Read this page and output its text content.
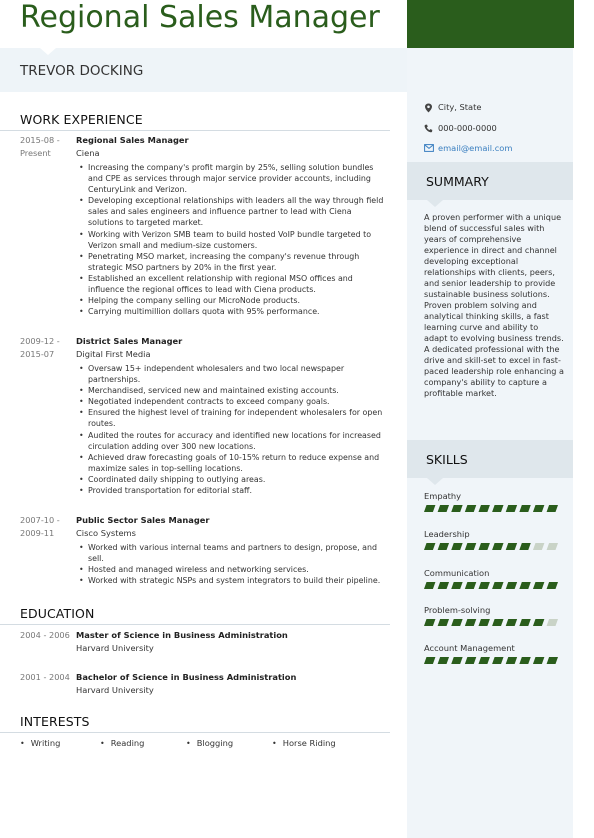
Regional Sales Manager
TREVOR DOCKING
WORK EXPERIENCE
2015-08 - Present
Regional Sales Manager
Ciena
• Increasing the company's profit margin by 25%, selling solution bundles and CPE as services through major service provider accounts, including CenturyLink and Verizon.
• Developing exceptional relationships with leaders all the way through field sales and sales engineers and influence partner to lead with Ciena solutions to targeted market.
• Working with Verizon SMB team to build hosted VoIP bundle targeted to Verizon small and medium-size customers.
• Penetrating MSO market, increasing the company's revenue through strategic MSO partners by 20% in the first year.
• Established an excellent relationship with regional MSO offices and influence the regional offices to lead with Ciena products.
• Helping the company selling our MicroNode products.
• Carrying multimillion dollars quota with 95% performance.
2009-12 - 2015-07
District Sales Manager
Digital First Media
• Oversaw 15+ independent wholesalers and two local newspaper partnerships.
• Merchandised, serviced new and maintained existing accounts.
• Negotiated independent contracts to exceed company goals.
• Ensured the highest level of training for independent wholesalers for open routes.
• Audited the routes for accuracy and identified new locations for increased circulation adding over 300 new locations.
• Achieved draw forecasting goals of 10-15% return to reduce expense and maximize sales in top-selling locations.
• Coordinated daily shipping to outlying areas.
• Provided transportation for editorial staff.
2007-10 - 2009-11
Public Sector Sales Manager
Cisco Systems
• Worked with various internal teams and partners to design, propose, and sell.
• Hosted and managed wireless and networking services.
• Worked with strategic NSPs and system integrators to build their pipeline.
EDUCATION
2004 - 2006 Master of Science in Business Administration
Harvard University
2001 - 2004 Bachelor of Science in Business Administration
Harvard University
INTERESTS
• Writing	• Reading	• Blogging	• Horse Riding
City, State
000-000-0000
email@email.com
SUMMARY
A proven performer with a unique blend of successful sales with years of comprehensive experience in direct and channel developing exceptional relationships with clients, peers, and senior leadership to provide sustainable business solutions. Proven problem solving and analytical thinking skills, a fast learning curve and ability to adapt to evolving business trends. A dedicated professional with the drive and skill-set to excel in fast-paced leadership role enhancing a company's ability to capture a profitable market.
SKILLS
Empathy
Leadership
Communication
Problem-solving
Account Management
